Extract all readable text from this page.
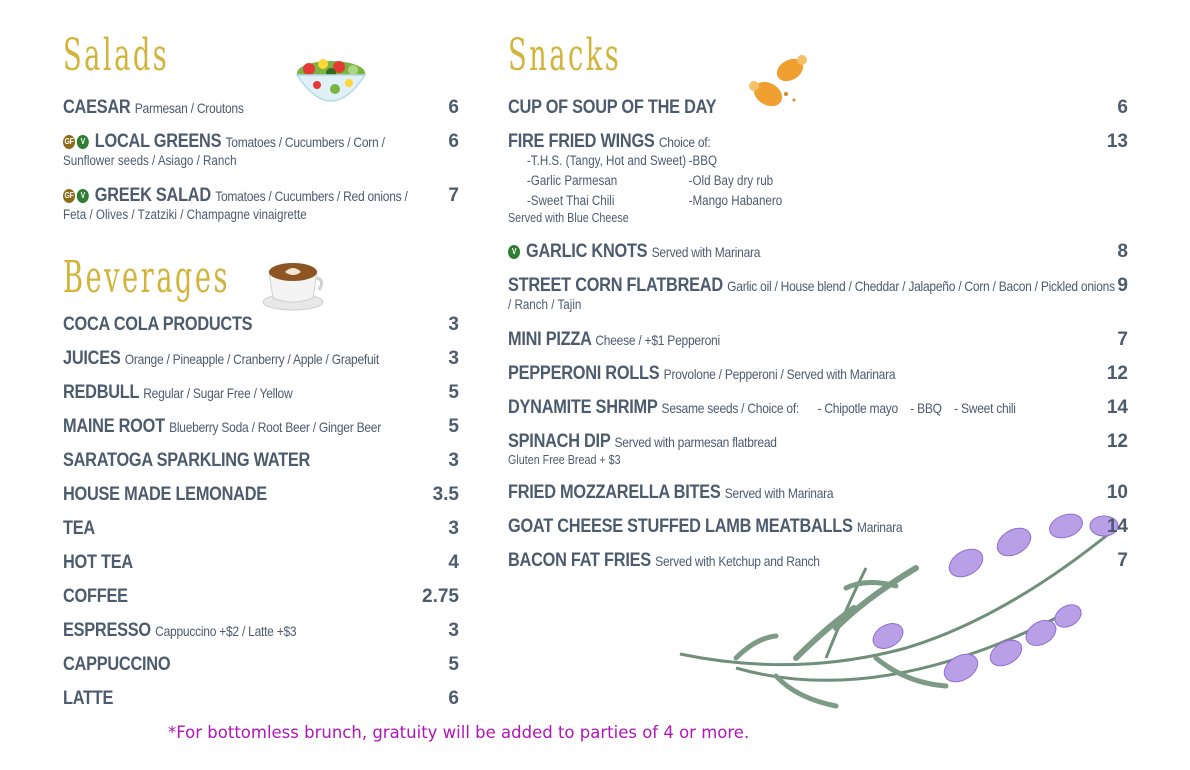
Salads
CAESAR Parmesan / Croutons	6
GF V LOCAL GREENS Tomatoes / Cucumbers / Corn /
Sunflower seeds / Asiago / Ranch
6
GF V GREEK SALAD Tomatoes / Cucumbers / Red onions /
Feta / Olives / Tzatziki / Champagne vinaigrette
7
Beverages
COCA COLA PRODUCTS	3
JUICES Orange / Pineapple / Cranberry / Apple / Grapefuit	3
REDBULL Regular / Sugar Free / Yellow	5
MAINE ROOT Blueberry Soda / Root Beer / Ginger Beer	5
SARATOGA SPARKLING WATER	3
HOUSE MADE LEMONADE	3.5
TEA	3
HOT TEA	4
COFFEE	2.75
ESPRESSO Cappuccino +$2 / Latte +$3	3
CAPPUCCINO	5
LATTE	6
Snacks
CUP OF SOUP OF THE DAY	6
FIRE FRIED WINGS Choice of:	13
-T.H.S. (Tangy, Hot and Sweet)
-Garlic Parmesan
-Sweet Thai Chili
-BBQ
-Old Bay dry rub
-Mango Habanero
Served with Blue Cheese
V GARLIC KNOTS Served with Marinara	8
STREET CORN FLATBREAD Garlic oil / House blend / Cheddar / Jalapeño / Corn / Bacon / Pickled onions
/ Ranch / Tajin
9
MINI PIZZA Cheese / +$1 Pepperoni	7
PEPPERONI ROLLS Provolone / Pepperoni / Served with Marinara	12
DYNAMITE SHRIMP Sesame seeds / Choice of:      - Chipotle mayo    - BBQ    - Sweet chili	14
SPINACH DIP Served with parmesan flatbread
Gluten Free Bread + $3
12
FRIED MOZZARELLA BITES Served with Marinara	10
GOAT CHEESE STUFFED LAMB MEATBALLS Marinara	14
BACON FAT FRIES Served with Ketchup and Ranch	7
*For bottomless brunch, gratuity will be added to parties of 4 or more.
